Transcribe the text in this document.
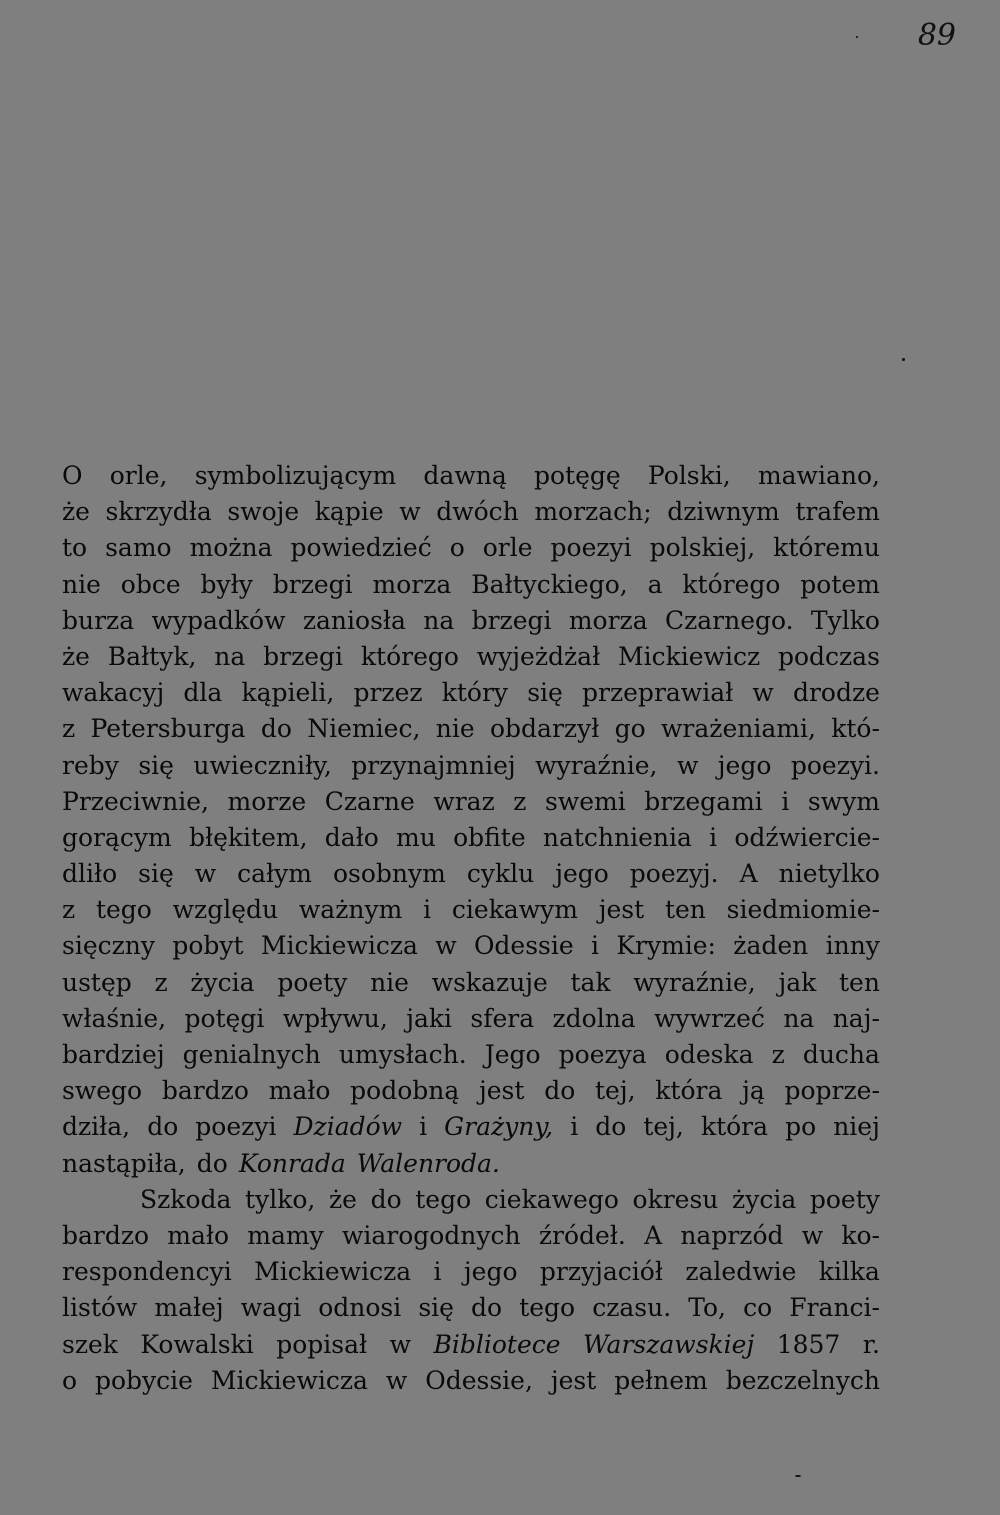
89
O orle, symbolizującym dawną potęgę Polski, mawiano,
że skrzydła swoje kąpie w dwóch morzach; dziwnym trafem
to samo można powiedzieć o orle poezyi polskiej, któremu
nie obce były brzegi morza Bałtyckiego, a którego potem
burza wypadków zaniosła na brzegi morza Czarnego. Tylko
że Bałtyk, na brzegi którego wyjeżdżał Mickiewicz podczas
wakacyj dla kąpieli, przez który się przeprawiał w drodze
z Petersburga do Niemiec, nie obdarzył go wrażeniami, któ-
reby się uwieczniły, przynajmniej wyraźnie, w jego poezyi.
Przeciwnie, morze Czarne wraz z swemi brzegami i swym
gorącym błękitem, dało mu obfite natchnienia i odźwiercie-
dliło się w całym osobnym cyklu jego poezyj. A nietylko
z tego względu ważnym i ciekawym jest ten siedmiomie-
sięczny pobyt Mickiewicza w Odessie i Krymie: żaden inny
ustęp z życia poety nie wskazuje tak wyraźnie, jak ten
właśnie, potęgi wpływu, jaki sfera zdolna wywrzeć na naj-
bardziej genialnych umysłach. Jego poezya odeska z ducha
swego bardzo mało podobną jest do tej, która ją poprze-
dziła, do poezyi Dziadów i Grażyny, i do tej, która po niej
nastąpiła, do Konrada Walenroda.
Szkoda tylko, że do tego ciekawego okresu życia poety
bardzo mało mamy wiarogodnych źródeł. A naprzód w ko-
respondencyi Mickiewicza i jego przyjaciół zaledwie kilka
listów małej wagi odnosi się do tego czasu. To, co Franci-
szek Kowalski popisał w Bibliotece Warszawskiej 1857 r.
o pobycie Mickiewicza w Odessie, jest pełnem bezczelnych
